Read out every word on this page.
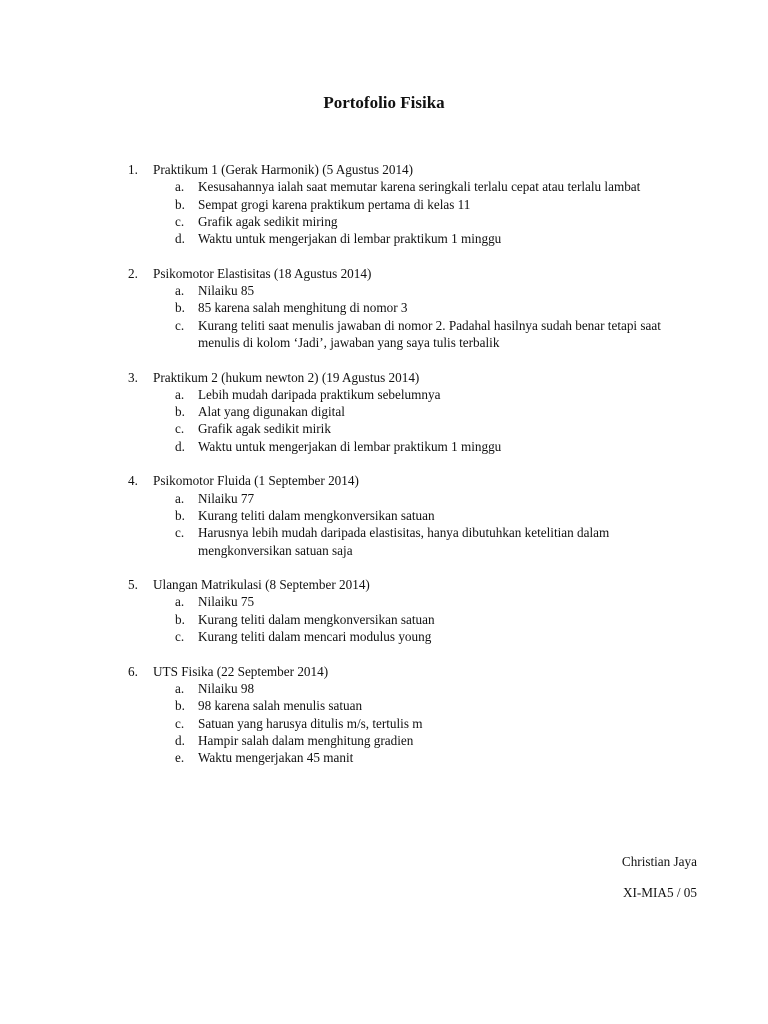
Portofolio Fisika
1. Praktikum 1 (Gerak Harmonik) (5 Agustus 2014)
a. Kesusahannya ialah saat memutar karena seringkali terlalu cepat atau terlalu lambat
b. Sempat grogi karena praktikum pertama di kelas 11
c. Grafik agak sedikit miring
d. Waktu untuk mengerjakan di lembar praktikum 1 minggu
2. Psikomotor Elastisitas (18 Agustus 2014)
a. Nilaiku 85
b. 85 karena salah menghitung di nomor 3
c. Kurang teliti saat menulis jawaban di nomor 2. Padahal hasilnya sudah benar tetapi saat menulis di kolom ‘Jadi’, jawaban yang saya tulis terbalik
3. Praktikum 2 (hukum newton 2) (19 Agustus 2014)
a. Lebih mudah daripada praktikum sebelumnya
b. Alat yang digunakan digital
c. Grafik agak sedikit mirik
d. Waktu untuk mengerjakan di lembar praktikum 1 minggu
4. Psikomotor Fluida (1 September 2014)
a. Nilaiku 77
b. Kurang teliti dalam mengkonversikan satuan
c. Harusnya lebih mudah daripada elastisitas, hanya dibutuhkan ketelitian dalam mengkonversikan satuan saja
5. Ulangan Matrikulasi (8 September 2014)
a. Nilaiku 75
b. Kurang teliti dalam mengkonversikan satuan
c. Kurang teliti dalam mencari modulus young
6. UTS Fisika (22 September 2014)
a. Nilaiku 98
b. 98 karena salah menulis satuan
c. Satuan yang harusya ditulis m/s, tertulis m
d. Hampir salah dalam menghitung gradien
e. Waktu mengerjakan 45 manit
Christian Jaya
XI-MIA5 / 05
